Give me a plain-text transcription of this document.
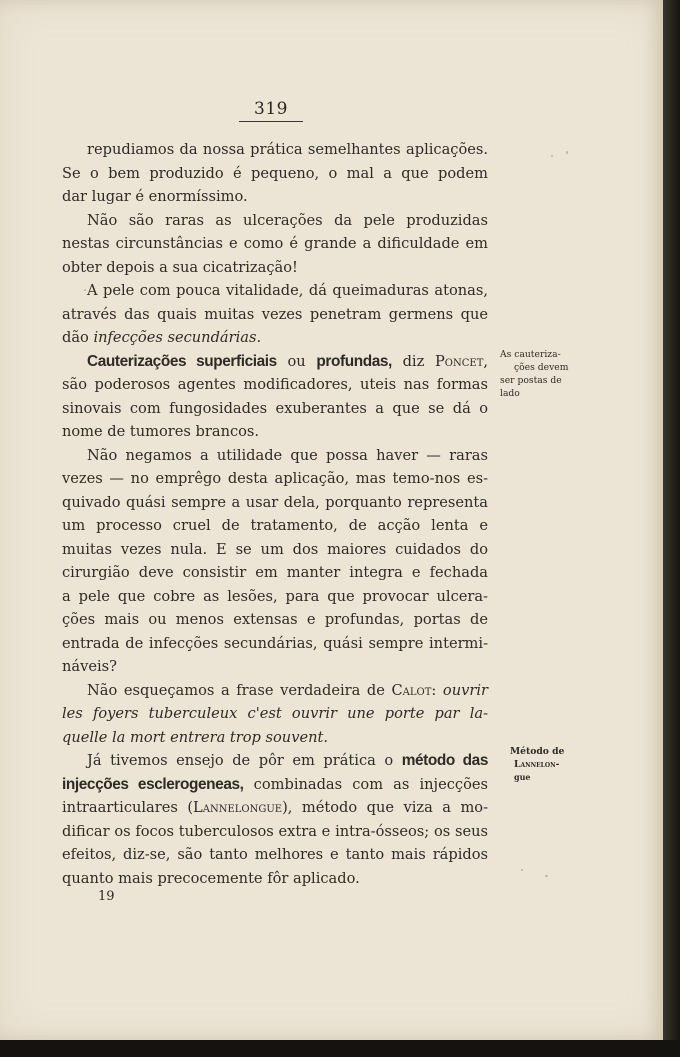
319
repudiamos da nossa prática semelhantes aplicações.
Se o bem produzido é pequeno, o mal a que podem
dar lugar é enormíssimo.
Não são raras as ulcerações da pele produzidas
nestas circunstâncias e como é grande a dificuldade em
obter depois a sua cicatrização!
A pele com pouca vitalidade, dá queimaduras atonas,
através das quais muitas vezes penetram germens que
dão infecções secundárias.
Cauterizações superficiais ou profundas, diz Poncet,
são poderosos agentes modificadores, uteis nas formas
sinovais com fungosidades exuberantes a que se dá o
nome de tumores brancos.
Não negamos a utilidade que possa haver — raras
vezes — no emprêgo desta aplicação, mas temo-nos es-
quivado quási sempre a usar dela, porquanto representa
um processo cruel de tratamento, de acção lenta e
muitas vezes nula. E se um dos maiores cuidados do
cirurgião deve consistir em manter integra e fechada
a pele que cobre as lesões, para que provocar ulcera-
ções mais ou menos extensas e profundas, portas de
entrada de infecções secundárias, quási sempre intermi-
náveis?
Não esqueçamos a frase verdadeira de Calot: ouvrir
les foyers tuberculeux c'est ouvrir une porte par la-
quelle la mort entrera trop souvent.
Já tivemos ensejo de pôr em prática o método das
injecções esclerogeneas, combinadas com as injecções
intraarticulares (Lannelongue), método que viza a mo-
dificar os focos tuberculosos extra e intra-ósseos; os seus
efeitos, diz-se, são tanto melhores e tanto mais rápidos
quanto mais precocemente fôr aplicado.
As cauteriza-
ções devem
ser postas de
lado
Método de
Lannelon-
gue
19
